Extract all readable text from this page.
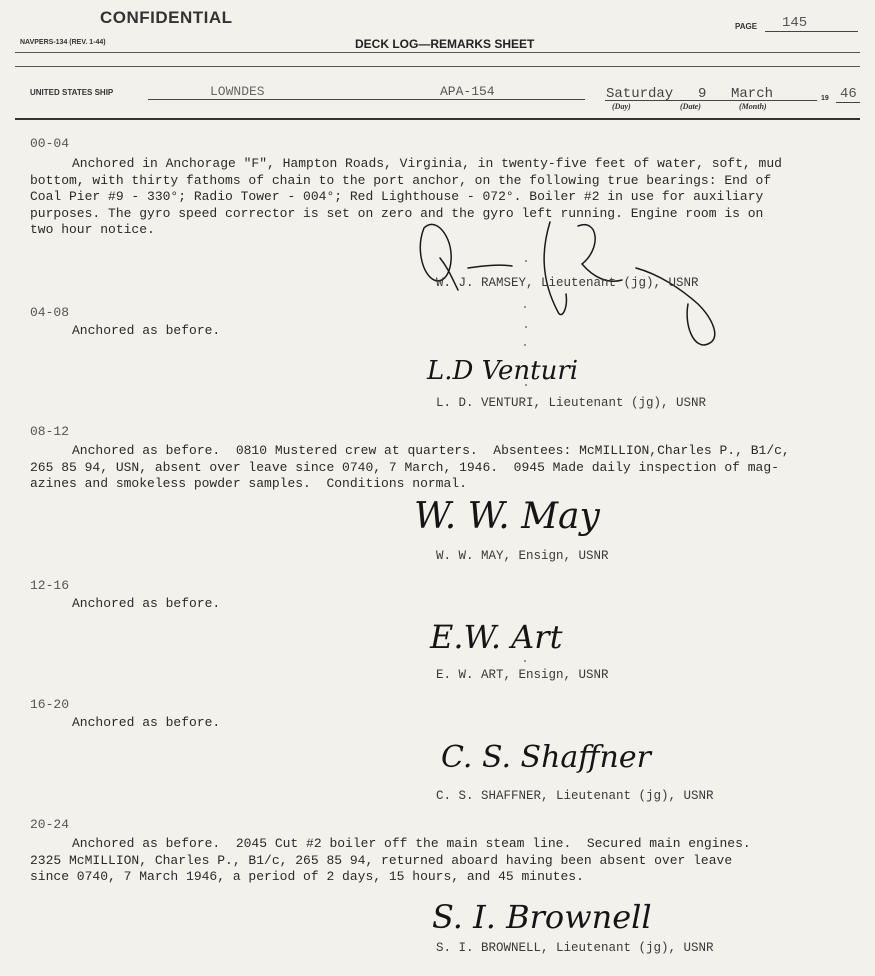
CONFIDENTIAL
NAVPERS-134 (REV. 1-44)	DECK LOG—REMARKS SHEET
PAGE 145
UNITED STATES SHIP	LOWNDES	APA-154	Saturday 9 March
(Day)	(Date)	(Month)
19 46
00-04
Anchored in Anchorage "F", Hampton Roads, Virginia, in twenty-five feet of water, soft, mud
bottom, with thirty fathoms of chain to the port anchor, on the following true bearings: End of
Coal Pier #9 - 330°; Radio Tower - 004°; Red Lighthouse - 072°. Boiler #2 in use for auxiliary
purposes. The gyro speed corrector is set on zero and the gyro left running. Engine room is on
two hour notice.
W. J. RAMSEY, Lieutenant (jg), USNR
04-08
Anchored as before.
L.D Venturi
L. D. VENTURI, Lieutenant (jg), USNR
08-12
Anchored as before.  0810 Mustered crew at quarters.  Absentees: McMILLION,Charles P., B1/c,
265 85 94, USN, absent over leave since 0740, 7 March, 1946.  0945 Made daily inspection of mag-
azines and smokeless powder samples.  Conditions normal.
W. W. May
W. W. MAY, Ensign, USNR
12-16
Anchored as before.
E.W. Art
E. W. ART, Ensign, USNR
16-20
Anchored as before.
C. S. Shaffner
C. S. SHAFFNER, Lieutenant (jg), USNR
20-24
Anchored as before.  2045 Cut #2 boiler off the main steam line.  Secured main engines.
2325 McMILLION, Charles P., B1/c, 265 85 94, returned aboard having been absent over leave
since 0740, 7 March 1946, a period of 2 days, 15 hours, and 45 minutes.
S. I. Brownell
S. I. BROWNELL, Lieutenant (jg), USNR
